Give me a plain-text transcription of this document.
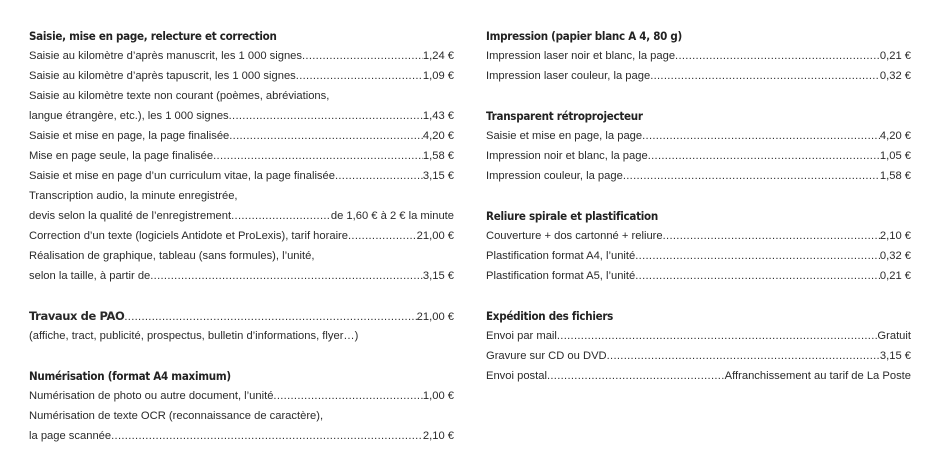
Saisie, mise en page, relecture et correction
Saisie au kilomètre d’après manuscrit, les 1 000 signes . . .	1,24 €
Saisie au kilomètre d’après tapuscrit, les 1 000 signes . . .	1,09 €
Saisie au kilomètre texte non courant (poèmes, abréviations,
langue étrangère, etc.), les 1 000 signes . . .	1,43 €
Saisie et mise en page, la page finalisée . . .	4,20 €
Mise en page seule, la page finalisée . . .	1,58 €
Saisie et mise en page d’un curriculum vitae, la page finalisée . . .	3,15 €
Transcription audio, la minute enregistrée,
devis selon la qualité de l’enregistrement . . .	de 1,60 € à 2 € la minute
Correction d’un texte (logiciels Antidote et ProLexis), tarif horaire . . .	21,00 €
Réalisation de graphique, tableau (sans formules), l’unité,
selon la taille, à partir de . . .	3,15 €
Travaux de PAO . . .	21,00 €
(affiche, tract, publicité, prospectus, bulletin d’informations, flyer…)
Numérisation (format A4 maximum)
Numérisation de photo ou autre document, l’unité . . .	1,00 €
Numérisation de texte OCR (reconnaissance de caractère),
la page scannée . . .	2,10 €
Impression (papier blanc A 4, 80 g)
Impression laser noir et blanc, la page . . .	0,21 €
Impression laser couleur, la page . . .	0,32 €
Transparent rétroprojecteur
Saisie et mise en page, la page . . .	4,20 €
Impression noir et blanc, la page . . .	1,05 €
Impression couleur, la page . . .	1,58 €
Reliure spirale et plastification
Couverture + dos cartonné + reliure . . .	2,10 €
Plastification format A4, l’unité . . .	0,32 €
Plastification format A5, l’unité . . .	0,21 €
Expédition des fichiers
Envoi par mail . . .	Gratuit
Gravure sur CD ou DVD . . .	3,15 €
Envoi postal . . .	Affranchissement au tarif de La Poste
